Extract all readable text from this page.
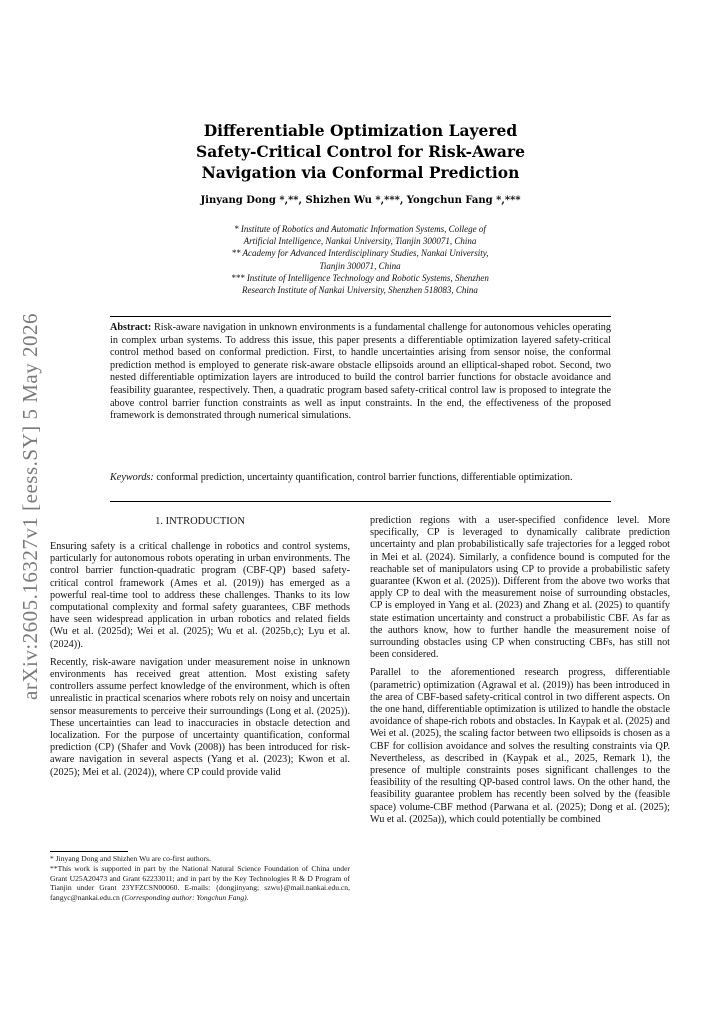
arXiv:2605.16327v1 [eess.SY] 5 May 2026
Differentiable Optimization Layered
Safety-Critical Control for Risk-Aware
Navigation via Conformal Prediction
Jinyang Dong *,**, Shizhen Wu *,***, Yongchun Fang *,***
* Institute of Robotics and Automatic Information Systems, College of
Artificial Intelligence, Nankai University, Tianjin 300071, China
** Academy for Advanced Interdisciplinary Studies, Nankai University,
Tianjin 300071, China
*** Institute of Intelligence Technology and Robotic Systems, Shenzhen
Research Institute of Nankai University, Shenzhen 518083, China
Abstract: Risk-aware navigation in unknown environments is a fundamental challenge for autonomous vehicles operating in complex urban systems. To address this issue, this paper presents a differentiable optimization layered safety-critical control method based on conformal prediction. First, to handle uncertainties arising from sensor noise, the conformal prediction method is employed to generate risk-aware obstacle ellipsoids around an elliptical-shaped robot. Second, two nested differentiable optimization layers are introduced to build the control barrier functions for obstacle avoidance and feasibility guarantee, respectively. Then, a quadratic program based safety-critical control law is proposed to integrate the above control barrier function constraints as well as input constraints. In the end, the effectiveness of the proposed framework is demonstrated through numerical simulations.
Keywords: conformal prediction, uncertainty quantification, control barrier functions, differentiable optimization.
1. INTRODUCTION

Ensuring safety is a critical challenge in robotics and control systems, particularly for autonomous robots operating in urban environments. The control barrier function-quadratic program (CBF-QP) based safety-critical control framework (Ames et al. (2019)) has emerged as a powerful real-time tool to address these challenges. Thanks to its low computational complexity and formal safety guarantees, CBF methods have seen widespread application in urban robotics and related fields (Wu et al. (2025d); Wei et al. (2025); Wu et al. (2025b,c); Lyu et al. (2024)).

Recently, risk-aware navigation under measurement noise in unknown environments has received great attention. Most existing safety controllers assume perfect knowledge of the environment, which is often unrealistic in practical scenarios where robots rely on noisy and uncertain sensor measurements to perceive their surroundings (Long et al. (2025)). These uncertainties can lead to inaccuracies in obstacle detection and localization. For the purpose of uncertainty quantification, conformal prediction (CP) (Shafer and Vovk (2008)) has been introduced for risk-aware navigation in several aspects (Yang et al. (2023); Kwon et al. (2025); Mei et al. (2024)), where CP could provide valid

* Jinyang Dong and Shizhen Wu are co-first authors.
**This work is supported in part by the National Natural Science Foundation of China under Grant U25A20473 and Grant 62233011; and in part by the Key Technologies R & D Program of Tianjin under Grant 23YFZCSN00060. E-mails: {dongjinyang; szwu}@mail.nankai.edu.cn, fangyc@nankai.edu.cn (Corresponding author: Yongchun Fang).

prediction regions with a user-specified confidence level. More specifically, CP is leveraged to dynamically calibrate prediction uncertainty and plan probabilistically safe trajectories for a legged robot in Mei et al. (2024). Similarly, a confidence bound is computed for the reachable set of manipulators using CP to provide a probabilistic safety guarantee (Kwon et al. (2025)). Different from the above two works that apply CP to deal with the measurement noise of surrounding obstacles, CP is employed in Yang et al. (2023) and Zhang et al. (2025) to quantify state estimation uncertainty and construct a probabilistic CBF. As far as the authors know, how to further handle the measurement noise of surrounding obstacles using CP when constructing CBFs, has still not been considered.

Parallel to the aforementioned research progress, differentiable (parametric) optimization (Agrawal et al. (2019)) has been introduced in the area of CBF-based safety-critical control in two different aspects. On the one hand, differentiable optimization is utilized to handle the obstacle avoidance of shape-rich robots and obstacles. In Kaypak et al. (2025) and Wei et al. (2025), the scaling factor between two ellipsoids is chosen as a CBF for collision avoidance and solves the resulting constraints via QP. Nevertheless, as described in (Kaypak et al., 2025, Remark 1), the presence of multiple constraints poses significant challenges to the feasibility of the resulting QP-based control laws. On the other hand, the feasibility guarantee problem has recently been solved by the (feasible space) volume-CBF method (Parwana et al. (2025); Dong et al. (2025); Wu et al. (2025a)), which could potentially be combined
